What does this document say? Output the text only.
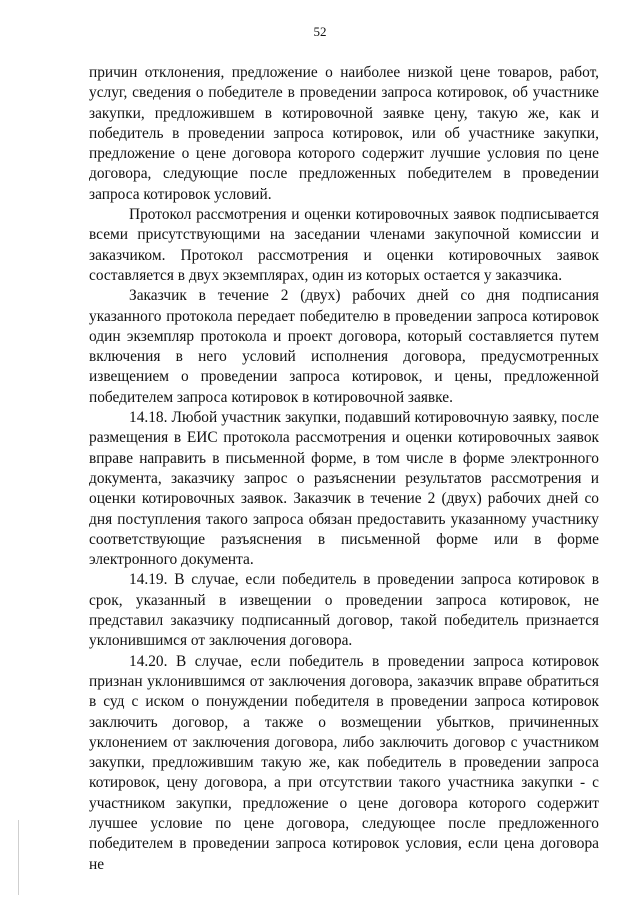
52

причин отклонения, предложение о наиболее низкой цене товаров, работ, услуг, сведения о победителе в проведении запроса котировок, об участнике закупки, предложившем в котировочной заявке цену, такую же, как и победитель в проведении запроса котировок, или об участнике закупки, предложение о цене договора которого содержит лучшие условия по цене договора, следующие после предложенных победителем в проведении запроса котировок условий.

Протокол рассмотрения и оценки котировочных заявок подписывается всеми присутствующими на заседании членами закупочной комиссии и заказчиком. Протокол рассмотрения и оценки котировочных заявок составляется в двух экземплярах, один из которых остается у заказчика.

Заказчик в течение 2 (двух) рабочих дней со дня подписания указанного протокола передает победителю в проведении запроса котировок один экземпляр протокола и проект договора, который составляется путем включения в него условий исполнения договора, предусмотренных извещением о проведении запроса котировок, и цены, предложенной победителем запроса котировок в котировочной заявке.

14.18. Любой участник закупки, подавший котировочную заявку, после размещения в ЕИС протокола рассмотрения и оценки котировочных заявок вправе направить в письменной форме, в том числе в форме электронного документа, заказчику запрос о разъяснении результатов рассмотрения и оценки котировочных заявок. Заказчик в течение 2 (двух) рабочих дней со дня поступления такого запроса обязан предоставить указанному участнику соответствующие разъяснения в письменной форме или в форме электронного документа.

14.19. В случае, если победитель в проведении запроса котировок в срок, указанный в извещении о проведении запроса котировок, не представил заказчику подписанный договор, такой победитель признается уклонившимся от заключения договора.

14.20. В случае, если победитель в проведении запроса котировок признан уклонившимся от заключения договора, заказчик вправе обратиться в суд с иском о понуждении победителя в проведении запроса котировок заключить договор, а также о возмещении убытков, причиненных уклонением от заключения договора, либо заключить договор с участником закупки, предложившим такую же, как победитель в проведении запроса котировок, цену договора, а при отсутствии такого участника закупки - с участником закупки, предложение о цене договора которого содержит лучшее условие по цене договора, следующее после предложенного победителем в проведении запроса котировок условия, если цена договора не
